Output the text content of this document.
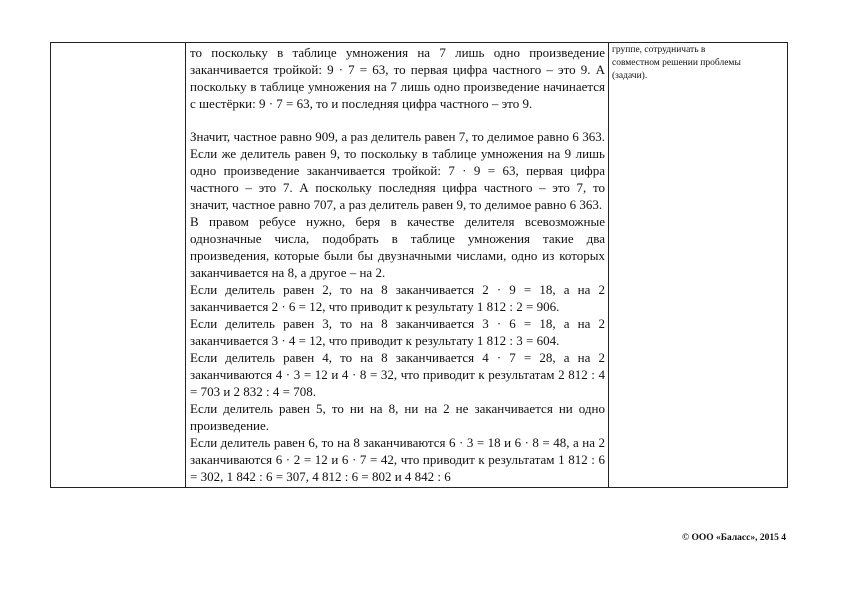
то поскольку в таблице умножения на 7 лишь одно произведение заканчивается тройкой: 9 · 7 = 63, то первая цифра частного – это 9. А поскольку в таблице умножения на 7 лишь одно произведение начинается с шестёрки: 9 · 7 = 63, то и последняя цифра частного – это 9.

Значит, частное равно 909, а раз делитель равен 7, то делимое равно 6 363. Если же делитель равен 9, то поскольку в таблице умножения на 9 лишь одно произведение заканчивается тройкой: 7 · 9 = 63, первая цифра частного – это 7. А поскольку последняя цифра частного – это 7, то значит, частное равно 707, а раз делитель равен 9, то делимое равно 6 363.

В правом ребусе нужно, беря в качестве делителя всевозможные однозначные числа, подобрать в таблице умножения такие два произведения, которые были бы двузначными числами, одно из которых заканчивается на 8, а другое – на 2.

Если делитель равен 2, то на 8 заканчивается 2 · 9 = 18, а на 2 заканчивается 2 · 6 = 12, что приводит к результату 1 812 : 2 = 906.

Если делитель равен 3, то на 8 заканчивается 3 · 6 = 18, а на 2 заканчивается 3 · 4 = 12, что приводит к результату 1 812 : 3 = 604.

Если делитель равен 4, то на 8 заканчивается 4 · 7 = 28, а на 2 заканчиваются 4 · 3 = 12 и 4 · 8 = 32, что приводит к результатам 2 812 : 4 = 703 и 2 832 : 4 = 708.

Если делитель равен 5, то ни на 8, ни на 2 не заканчивается ни одно произведение.

Если делитель равен 6, то на 8 заканчиваются 6 · 3 = 18 и 6 · 8 = 48, а на 2 заканчиваются 6 · 2 = 12 и 6 · 7 = 42, что приводит к результатам 1 812 : 6 = 302, 1 842 : 6 = 307, 4 812 : 6 = 802 и 4 842 : 6

группе, сотрудничать в
совместном решении проблемы
(задачи).
© ООО «Баласс», 2015 4
